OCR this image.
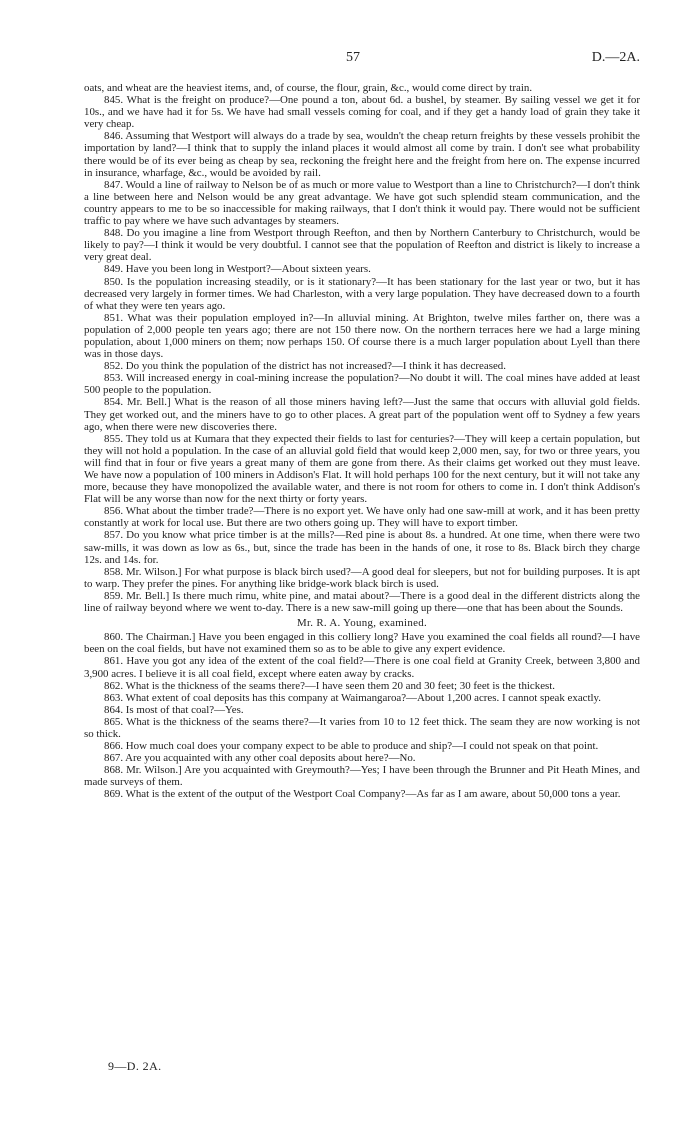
57	D.—2A.

oats, and wheat are the heaviest items, and, of course, the flour, grain, &c., would come direct by train.

845. What is the freight on produce?—One pound a ton, about 6d. a bushel, by steamer. By sailing vessel we get it for 10s., and we have had it for 5s. We have had small vessels coming for coal, and if they get a handy load of grain they take it very cheap.

846. Assuming that Westport will always do a trade by sea, wouldn't the cheap return freights by these vessels prohibit the importation by land?—I think that to supply the inland places it would almost all come by train. I don't see what probability there would be of its ever being as cheap by sea, reckoning the freight here and the freight from here on. The expense incurred in insurance, wharfage, &c., would be avoided by rail.

847. Would a line of railway to Nelson be of as much or more value to Westport than a line to Christchurch?—I don't think a line between here and Nelson would be any great advantage. We have got such splendid steam communication, and the country appears to me to be so inaccessible for making railways, that I don't think it would pay. There would not be sufficient traffic to pay where we have such advantages by steamers.

848. Do you imagine a line from Westport through Reefton, and then by Northern Canterbury to Christchurch, would be likely to pay?—I think it would be very doubtful. I cannot see that the population of Reefton and district is likely to increase a very great deal.

849. Have you been long in Westport?—About sixteen years.

850. Is the population increasing steadily, or is it stationary?—It has been stationary for the last year or two, but it has decreased very largely in former times. We had Charleston, with a very large population. They have decreased down to a fourth of what they were ten years ago.

851. What was their population employed in?—In alluvial mining. At Brighton, twelve miles farther on, there was a population of 2,000 people ten years ago; there are not 150 there now. On the northern terraces here we had a large mining population, about 1,000 miners on them; now perhaps 150. Of course there is a much larger population about Lyell than there was in those days.

852. Do you think the population of the district has not increased?—I think it has decreased.

853. Will increased energy in coal-mining increase the population?—No doubt it will. The coal mines have added at least 500 people to the population.

854. Mr. Bell.] What is the reason of all those miners having left?—Just the same that occurs with alluvial gold fields. They get worked out, and the miners have to go to other places. A great part of the population went off to Sydney a few years ago, when there were new discoveries there.

855. They told us at Kumara that they expected their fields to last for centuries?—They will keep a certain population, but they will not hold a population. In the case of an alluvial gold field that would keep 2,000 men, say, for two or three years, you will find that in four or five years a great many of them are gone from there. As their claims get worked out they must leave. We have now a population of 100 miners in Addison's Flat. It will hold perhaps 100 for the next century, but it will not take any more, because they have monopolized the available water, and there is not room for others to come in. I don't think Addison's Flat will be any worse than now for the next thirty or forty years.

856. What about the timber trade?—There is no export yet. We have only had one saw-mill at work, and it has been pretty constantly at work for local use. But there are two others going up. They will have to export timber.

857. Do you know what price timber is at the mills?—Red pine is about 8s. a hundred. At one time, when there were two saw-mills, it was down as low as 6s., but, since the trade has been in the hands of one, it rose to 8s. Black birch they charge 12s. and 14s. for.

858. Mr. Wilson.] For what purpose is black birch used?—A good deal for sleepers, but not for building purposes. It is apt to warp. They prefer the pines. For anything like bridge-work black birch is used.

859. Mr. Bell.] Is there much rimu, white pine, and matai about?—There is a good deal in the different districts along the line of railway beyond where we went to-day. There is a new saw-mill going up there—one that has been about the Sounds.

Mr. R. A. Young, examined.

860. The Chairman.] Have you been engaged in this colliery long? Have you examined the coal fields all round?—I have been on the coal fields, but have not examined them so as to be able to give any expert evidence.

861. Have you got any idea of the extent of the coal field?—There is one coal field at Granity Creek, between 3,800 and 3,900 acres. I believe it is all coal field, except where eaten away by cracks.

862. What is the thickness of the seams there?—I have seen them 20 and 30 feet; 30 feet is the thickest.

863. What extent of coal deposits has this company at Waimangaroa?—About 1,200 acres. I cannot speak exactly.

864. Is most of that coal?—Yes.

865. What is the thickness of the seams there?—It varies from 10 to 12 feet thick. The seam they are now working is not so thick.

866. How much coal does your company expect to be able to produce and ship?—I could not speak on that point.

867. Are you acquainted with any other coal deposits about here?—No.

868. Mr. Wilson.] Are you acquainted with Greymouth?—Yes; I have been through the Brunner and Pit Heath Mines, and made surveys of them.

869. What is the extent of the output of the Westport Coal Company?—As far as I am aware, about 50,000 tons a year.

9—D. 2A.
